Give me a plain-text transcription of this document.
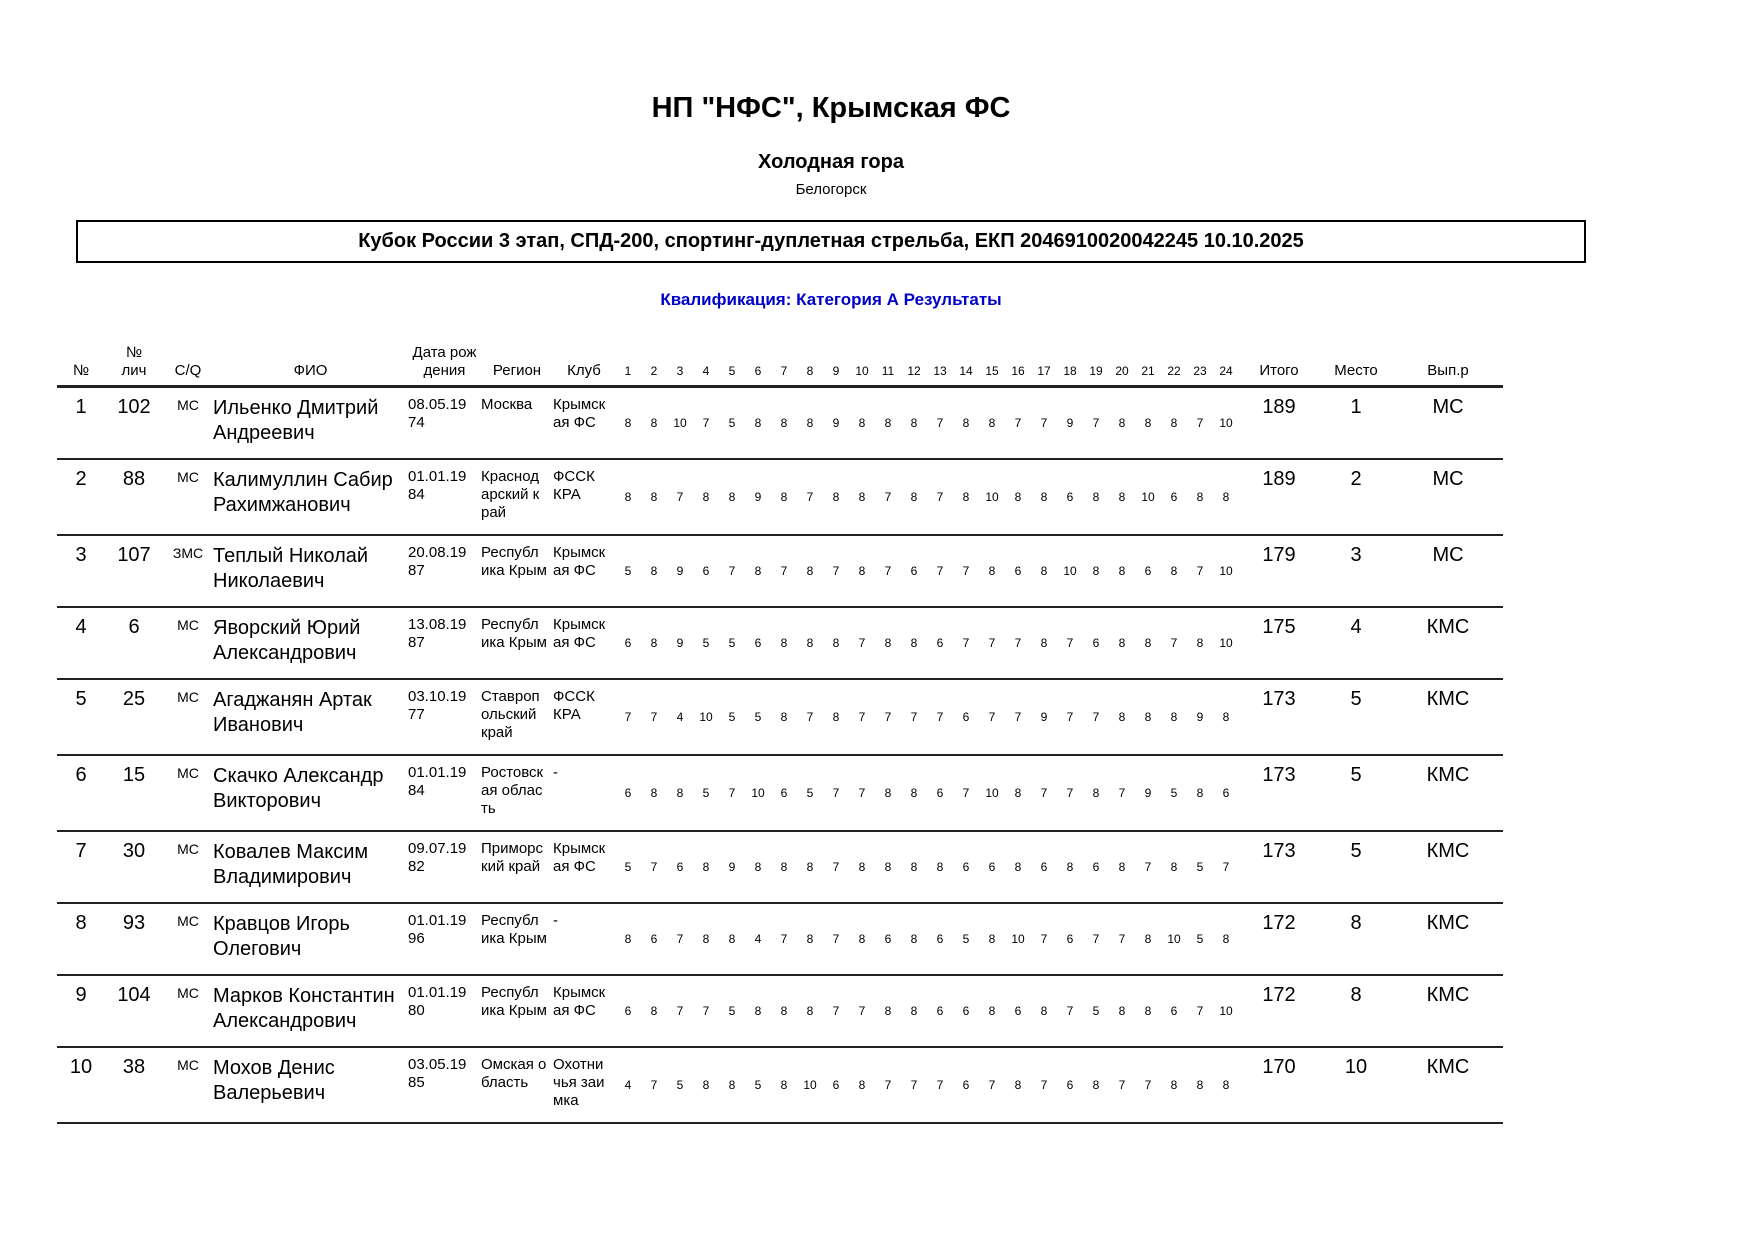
НП "НФС", Крымская ФС
Холодная гора
Белогорск
Кубок России 3 этап, СПД-200, спортинг-дуплетная стрельба, ЕКП 2046910020042245 10.10.2025
Квалификация: Категория А Результаты
№	№ лич	C/Q	ФИО	Дата рождения	Регион	Клуб	1	2	3	4	5	6	7	8	9	10	11	12	13	14	15	16	17	18	19	20	21	22	23	24	Итого	Место	Вып.р
1	102	МС	Ильенко Дмитрий Андреевич	08.05.1974	Москва	Крымская ФС	8	8	10	7	5	8	8	8	9	8	8	8	7	8	8	7	7	9	7	8	8	8	7	10	189	1	МС
2	88	МС	Калимуллин Сабир Рахимжанович	01.01.1984	Краснодарский край	ФССК КРА	8	8	7	8	8	9	8	7	8	8	7	8	7	8	10	8	8	6	8	8	10	6	8	8	189	2	МС
3	107	ЗМС	Теплый Николай Николаевич	20.08.1987	Республика Крым	Крымская ФС	5	8	9	6	7	8	7	8	7	8	7	6	7	7	8	6	8	10	8	8	6	8	7	10	179	3	МС
4	6	МС	Яворский Юрий Александрович	13.08.1987	Республика Крым	Крымская ФС	6	8	9	5	5	6	8	8	8	7	8	8	6	7	7	7	8	7	6	8	8	7	8	10	175	4	КМС
5	25	МС	Агаджанян Артак Иванович	03.10.1977	Ставропольский край	ФССК КРА	7	7	4	10	5	5	8	7	8	7	7	7	7	6	7	7	9	7	7	8	8	8	9	8	173	5	КМС
6	15	МС	Скачко Александр Викторович	01.01.1984	Ростовская область	-	6	8	8	5	7	10	6	5	7	7	8	8	6	7	10	8	7	7	8	7	9	5	8	6	173	5	КМС
7	30	МС	Ковалев Максим Владимирович	09.07.1982	Приморский край	Крымская ФС	5	7	6	8	9	8	8	8	7	8	8	8	8	6	6	8	6	8	6	8	7	8	5	7	173	5	КМС
8	93	МС	Кравцов Игорь Олегович	01.01.1996	Республика Крым	-	8	6	7	8	8	4	7	8	7	8	6	8	6	5	8	10	7	6	7	7	8	10	5	8	172	8	КМС
9	104	МС	Марков Константин Александрович	01.01.1980	Республика Крым	Крымская ФС	6	8	7	7	5	8	8	8	7	7	8	8	6	6	8	6	8	7	5	8	8	6	7	10	172	8	КМС
10	38	МС	Мохов Денис Валерьевич	03.05.1985	Омская область	Охотничья заимка	4	7	5	8	8	5	8	10	6	8	7	7	7	6	7	8	7	6	8	7	7	8	8	8	170	10	КМС
